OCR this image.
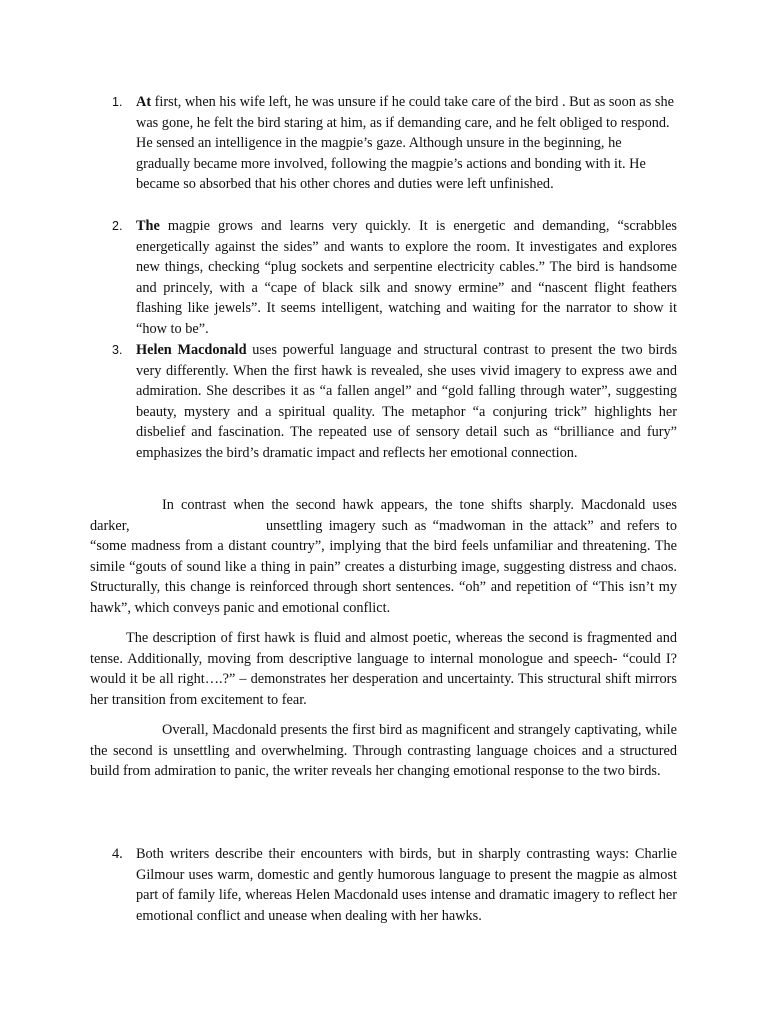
1. At first, when his wife left, he was unsure if he could take care of the bird . But as soon as she was gone, he felt the bird staring at him, as if demanding care, and he felt obliged to respond. He sensed an intelligence in the magpie’s gaze. Although unsure in the beginning, he gradually became more involved, following the magpie’s actions and bonding with it. He became so absorbed that his other chores and duties were left unfinished.
2. The magpie grows and learns very quickly. It is energetic and demanding, “scrabbles energetically against the sides” and wants to explore the room. It investigates and explores new things, checking “plug sockets and serpentine electricity cables.” The bird is handsome and princely, with a “cape of black silk and snowy ermine” and “nascent flight feathers flashing like jewels”. It seems intelligent, watching and waiting for the narrator to show it “how to be”.
3. Helen Macdonald uses powerful language and structural contrast to present the two birds very differently. When the first hawk is revealed, she uses vivid imagery to express awe and admiration. She describes it as “a fallen angel” and “gold falling through water”, suggesting beauty, mystery and a spiritual quality. The metaphor “a conjuring trick” highlights her disbelief and fascination. The repeated use of sensory detail such as “brilliance and fury” emphasizes the bird’s dramatic impact and reflects her emotional connection.
In contrast when the second hawk appears, the tone shifts sharply. Macdonald uses
darker,	unsettling imagery such as “madwoman in the attack” and refers to
“some madness from a distant country”, implying that the bird feels unfamiliar and threatening. The simile “gouts of sound like a thing in pain” creates a disturbing image, suggesting distress and chaos. Structurally, this change is reinforced through short sentences. “oh” and repetition of “This isn’t my hawk”, which conveys panic and emotional conflict.

The description of first hawk is fluid and almost poetic, whereas the second is fragmented and tense. Additionally, moving from descriptive language to internal monologue and speech- “could I? would it be all right….?” – demonstrates her desperation and uncertainty. This structural shift mirrors her transition from excitement to fear.

Overall, Macdonald presents the first bird as magnificent and strangely captivating, while the second is unsettling and overwhelming. Through contrasting language choices and a structured build from admiration to panic, the writer reveals her changing emotional response to the two birds.

4. Both writers describe their encounters with birds, but in sharply contrasting ways: Charlie Gilmour uses warm, domestic and gently humorous language to present the magpie as almost part of family life, whereas Helen Macdonald uses intense and dramatic imagery to reflect her emotional conflict and unease when dealing with her hawks.
